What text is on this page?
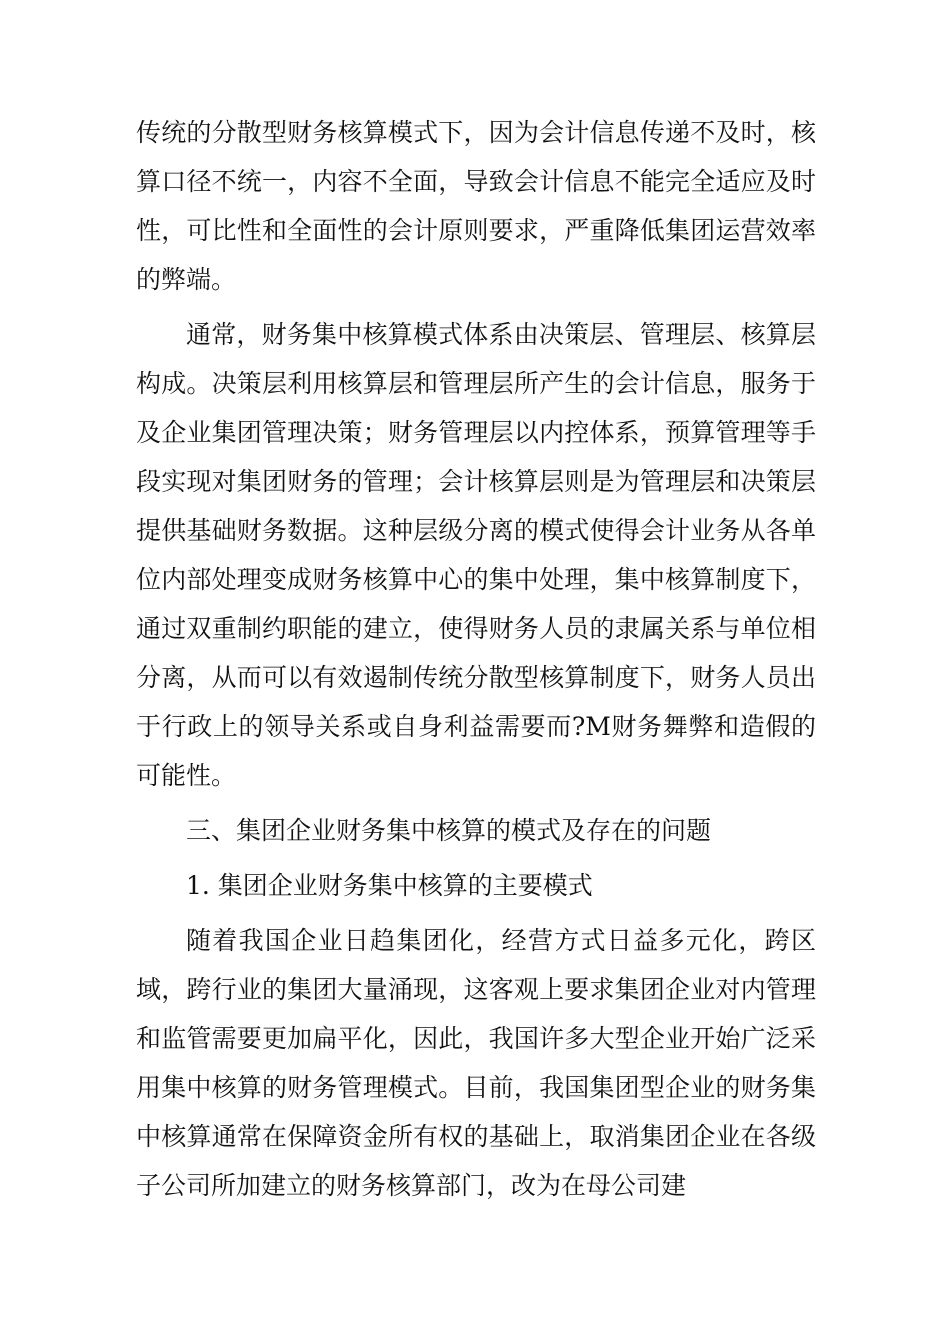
传统的分散型财务核算模式下，因为会计信息传递不及时，核算口径不统一，内容不全面，导致会计信息不能完全适应及时性，可比性和全面性的会计原则要求，严重降低集团运营效率的弊端。

通常，财务集中核算模式体系由决策层、管理层、核算层构成。决策层利用核算层和管理层所产生的会计信息，服务于及企业集团管理决策；财务管理层以内控体系，预算管理等手段实现对集团财务的管理；会计核算层则是为管理层和决策层提供基础财务数据。这种层级分离的模式使得会计业务从各单位内部处理变成财务核算中心的集中处理，集中核算制度下，通过双重制约职能的建立，使得财务人员的隶属关系与单位相分离，从而可以有效遏制传统分散型核算制度下，财务人员出于行政上的领导关系或自身利益需要而?M财务舞弊和造假的可能性。

三、集团企业财务集中核算的模式及存在的问题

1. 集团企业财务集中核算的主要模式

随着我国企业日趋集团化，经营方式日益多元化，跨区域，跨行业的集团大量涌现，这客观上要求集团企业对内管理和监管需要更加扁平化，因此，我国许多大型企业开始广泛采用集中核算的财务管理模式。目前，我国集团型企业的财务集中核算通常在保障资金所有权的基础上，取消集团企业在各级子公司所加建立的财务核算部门，改为在母公司建
